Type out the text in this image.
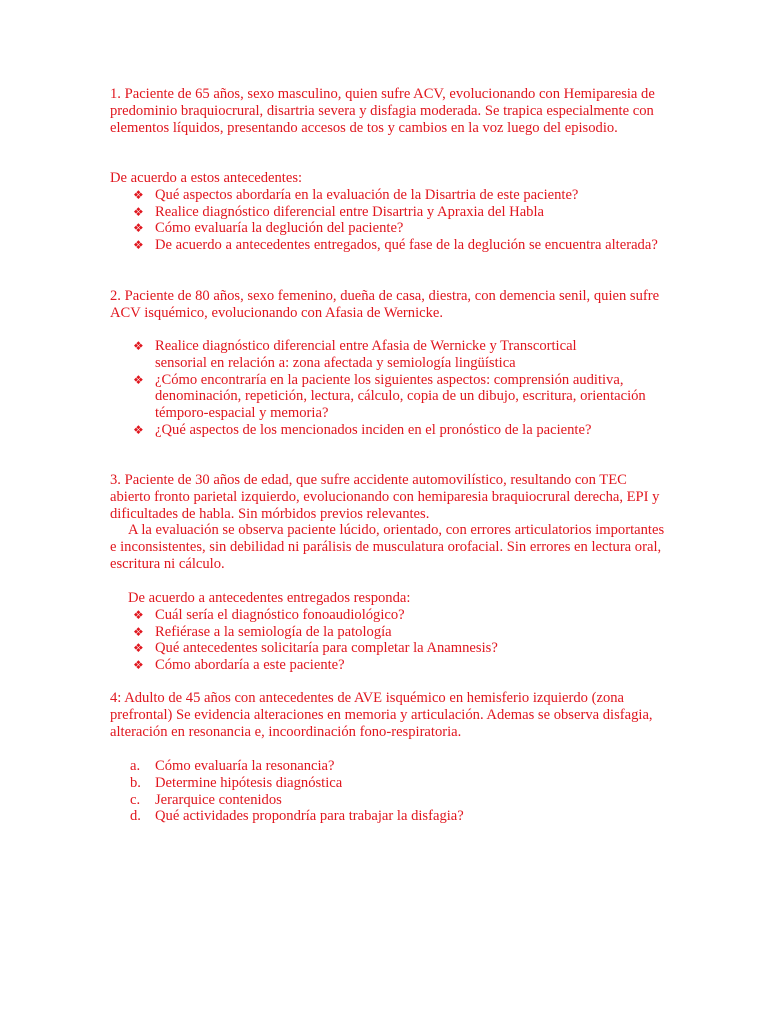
1. Paciente de 65 años, sexo masculino, quien sufre ACV, evolucionando con Hemiparesia de predominio braquiocrural, disartria severa y disfagia moderada. Se trapica especialmente con elementos líquidos, presentando accesos de tos y cambios en la voz luego del episodio.

De acuerdo a estos antecedentes:

❖ Qué aspectos abordaría en la evaluación de la Disartria de este paciente?
❖ Realice diagnóstico diferencial entre Disartria y Apraxia del Habla
❖ Cómo evaluaría la deglución del paciente?
❖ De acuerdo a antecedentes entregados, qué fase de la deglución se encuentra alterada?

2. Paciente de 80 años, sexo femenino, dueña de casa, diestra, con demencia senil, quien sufre ACV isquémico, evolucionando con Afasia de Wernicke.

❖ Realice diagnóstico diferencial entre Afasia de Wernicke y Transcortical sensorial en relación a: zona afectada y semiología lingüística
❖ ¿Cómo encontraría en la paciente los siguientes aspectos: comprensión auditiva, denominación, repetición, lectura, cálculo, copia de un dibujo, escritura, orientación témporo-espacial y memoria?
❖ ¿Qué aspectos de los mencionados inciden en el pronóstico de la paciente?

3. Paciente de 30 años de edad, que sufre accidente automovilístico, resultando con TEC abierto fronto parietal izquierdo, evolucionando con hemiparesia braquiocrural derecha, EPI y dificultades de habla. Sin mórbidos previos relevantes.

A la evaluación se observa paciente lúcido, orientado, con errores articulatorios importantes e inconsistentes, sin debilidad ni parálisis de musculatura orofacial. Sin errores en lectura oral, escritura ni cálculo.

De acuerdo a antecedentes entregados responda:

❖ Cuál sería el diagnóstico fonoaudiológico?
❖ Refiérase a la semiología de la patología
❖ Qué antecedentes solicitaría para completar la Anamnesis?
❖ Cómo abordaría a este paciente?

4: Adulto de 45 años con antecedentes de AVE isquémico en hemisferio izquierdo (zona prefrontal) Se evidencia alteraciones en memoria y articulación. Ademas se observa disfagia, alteración en resonancia e, incoordinación fono-respiratoria.

a. Cómo evaluaría la resonancia?
b. Determine hipótesis diagnóstica
c. Jerarquice contenidos
d. Qué actividades propondría para trabajar la disfagia?
